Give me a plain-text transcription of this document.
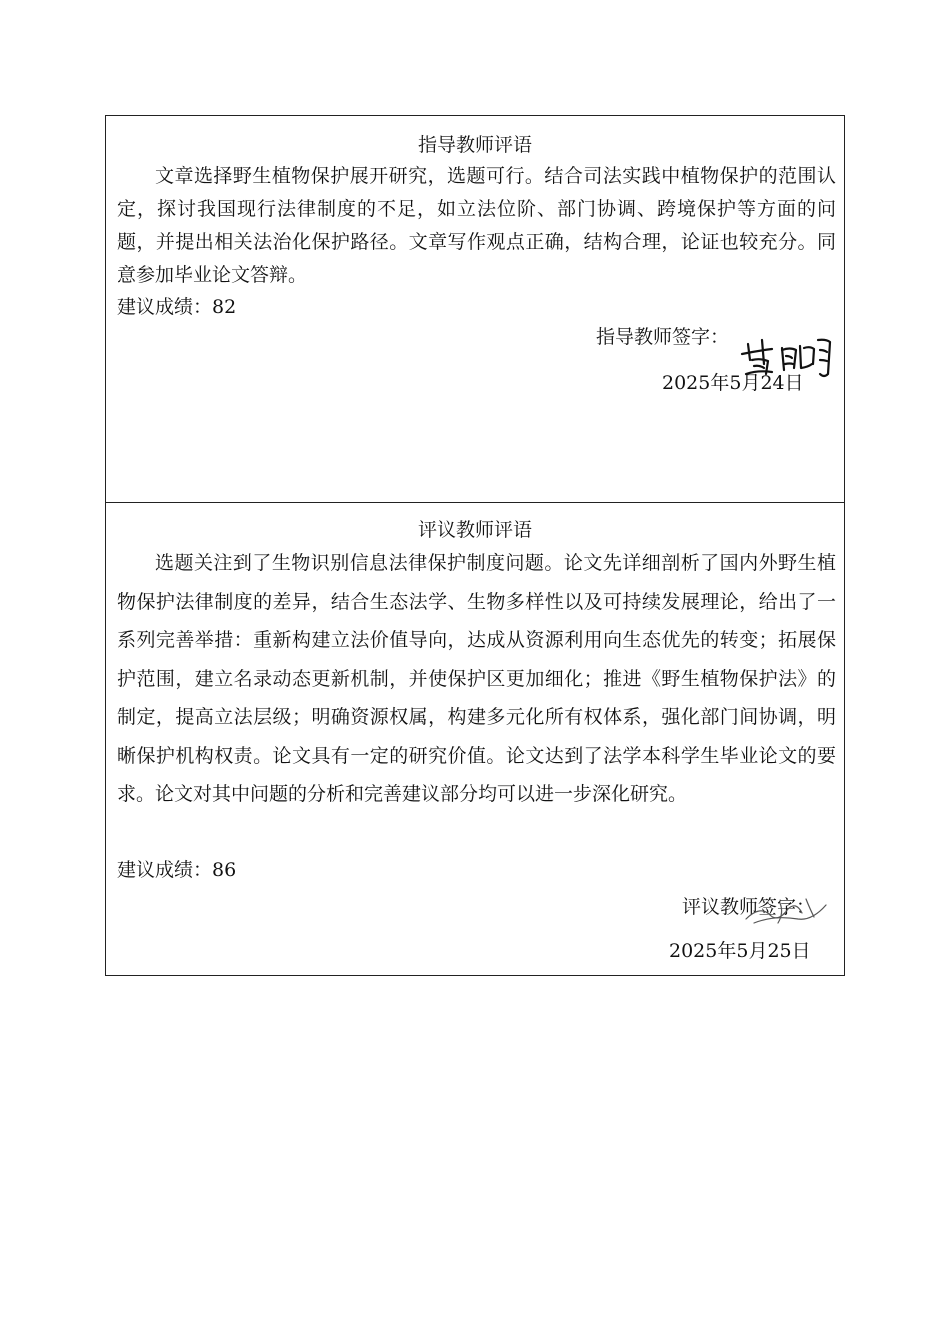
指导教师评语

文章选择野生植物保护展开研究，选题可行。结合司法实践中植物保护的范围认定，探讨我国现行法律制度的不足，如立法位阶、部门协调、跨境保护等方面的问题，并提出相关法治化保护路径。文章写作观点正确，结构合理，论证也较充分。同意参加毕业论文答辩。

建议成绩：82
指导教师签字：
2025年5月24日
评议教师评语

选题关注到了生物识别信息法律保护制度问题。论文先详细剖析了国内外野生植物保护法律制度的差异，结合生态法学、生物多样性以及可持续发展理论，给出了一系列完善举措：重新构建立法价值导向，达成从资源利用向生态优先的转变；拓展保护范围，建立名录动态更新机制，并使保护区更加细化；推进《野生植物保护法》的制定，提高立法层级；明确资源权属，构建多元化所有权体系，强化部门间协调，明晰保护机构权责。论文具有一定的研究价值。论文达到了法学本科学生毕业论文的要求。论文对其中问题的分析和完善建议部分均可以进一步深化研究。

建议成绩：86
评议教师签字：
2025年5月25日
